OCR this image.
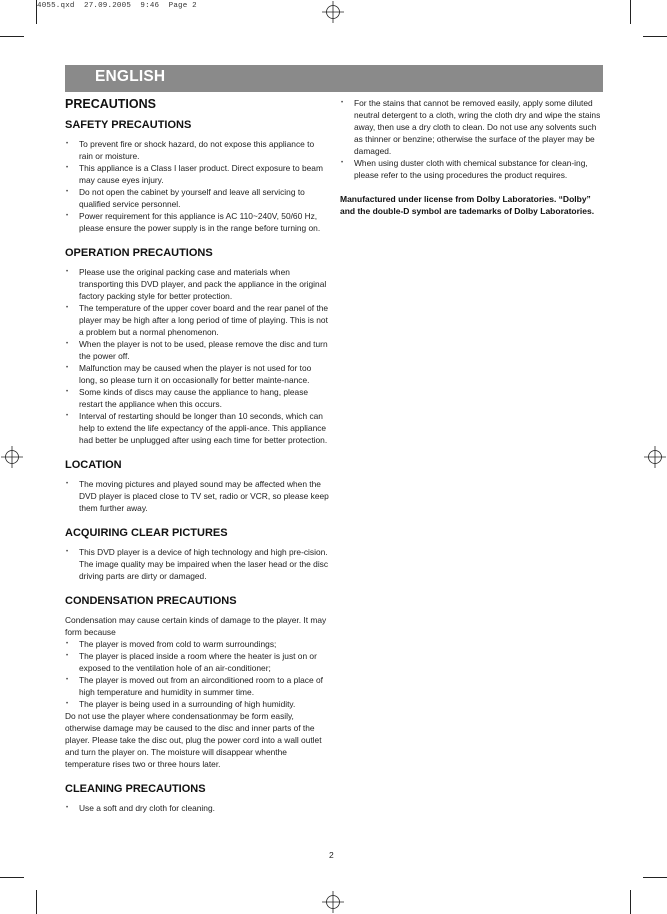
4055.qxd  27.09.2005  9:46  Page 2
ENGLISH
PRECAUTIONS
SAFETY PRECAUTIONS
• To prevent fire or shock hazard, do not expose this appliance to rain or moisture.
• This appliance is a Class I laser product. Direct exposure to beam may cause eyes injury.
• Do not open the cabinet by yourself and leave all servicing to qualified service personnel.
• Power requirement for this appliance is AC 110~240V, 50/60 Hz, please ensure the power supply is in the range before turning on.
OPERATION PRECAUTIONS
• Please use the original packing case and materials when transporting this DVD player, and pack the appliance in the original factory packing style for better protection.
• The temperature of the upper cover board and the rear panel of the player may be high after a long period of time of playing. This is not a problem but a normal phenomenon.
• When the player is not to be used, please remove the disc and turn the power off.
• Malfunction may be caused when the player is not used for too long, so please turn it on occasionally for better mainte-nance.
• Some kinds of discs may cause the appliance to hang, please restart the appliance when this occurs.
• Interval of restarting should be longer than 10 seconds, which can help to extend the life expectancy of the appli-ance. This appliance had better be unplugged after using each time for better protection.
LOCATION
• The moving pictures and played sound may be affected when the DVD player is placed close to TV set, radio or VCR, so please keep them further away.
ACQUIRING CLEAR PICTURES
• This DVD player is a device of high technology and high pre-cision. The image quality may be impaired when the laser head or the disc driving parts are dirty or damaged.
CONDENSATION PRECAUTIONS

Condensation may cause certain kinds of damage to the player. It may form because

• The player is moved from cold to warm surroundings;
• The player is placed inside a room where the heater is just on or exposed to the ventilation hole of an air-conditioner;
• The player is moved out from an airconditioned room to a place of high temperature and humidity in summer time.
• The player is being used in a surrounding of high humidity.

Do not use the player where condensationmay be form easily, otherwise damage may be caused to the disc and inner parts of the player. Please take the disc out, plug the power cord into a wall outlet and turn the player on. The moisture will disappear whenthe temperature rises two or three hours later.

CLEANING PRECAUTIONS
• Use a soft and dry cloth for cleaning.
• For the stains that cannot be removed easily, apply some diluted neutral detergent to a cloth, wring the cloth dry and wipe the stains away, then use a dry cloth to clean. Do not use any solvents such as thinner or benzine; otherwise the surface of the player may be damaged.
• When using duster cloth with chemical substance for clean-ing, please refer to the using procedures the product requires.
Manufactured under license from Dolby Laboratories. “Dolby” and the double-D symbol are tademarks of Dolby Laboratories.
2
